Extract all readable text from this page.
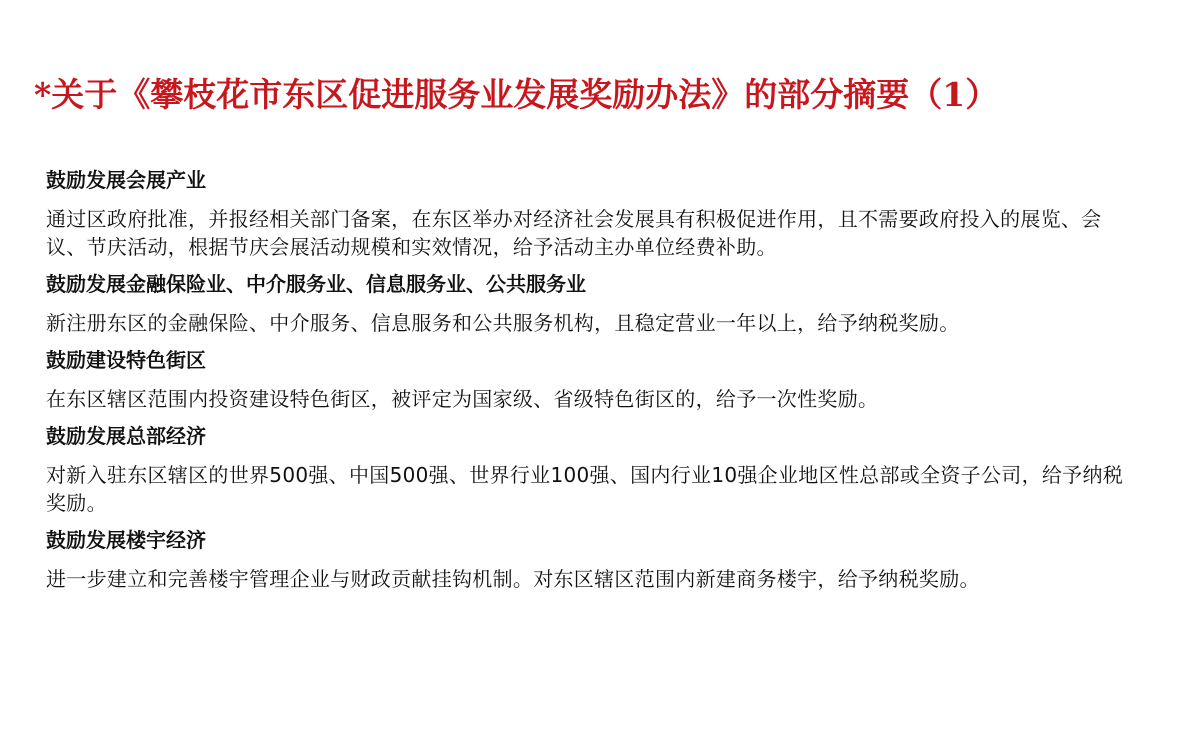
*关于《攀枝花市东区促进服务业发展奖励办法》的部分摘要（1）
鼓励发展会展产业
通过区政府批准，并报经相关部门备案，在东区举办对经济社会发展具有积极促进作用，且不需要政府投入的展览、会议、节庆活动，根据节庆会展活动规模和实效情况，给予活动主办单位经费补助。
鼓励发展金融保险业、中介服务业、信息服务业、公共服务业
新注册东区的金融保险、中介服务、信息服务和公共服务机构，且稳定营业一年以上，给予纳税奖励。
鼓励建设特色街区
在东区辖区范围内投资建设特色街区，被评定为国家级、省级特色街区的，给予一次性奖励。
鼓励发展总部经济
对新入驻东区辖区的世界500强、中国500强、世界行业100强、国内行业10强企业地区性总部或全资子公司，给予纳税奖励。
鼓励发展楼宇经济
进一步建立和完善楼宇管理企业与财政贡献挂钩机制。对东区辖区范围内新建商务楼宇，给予纳税奖励。
